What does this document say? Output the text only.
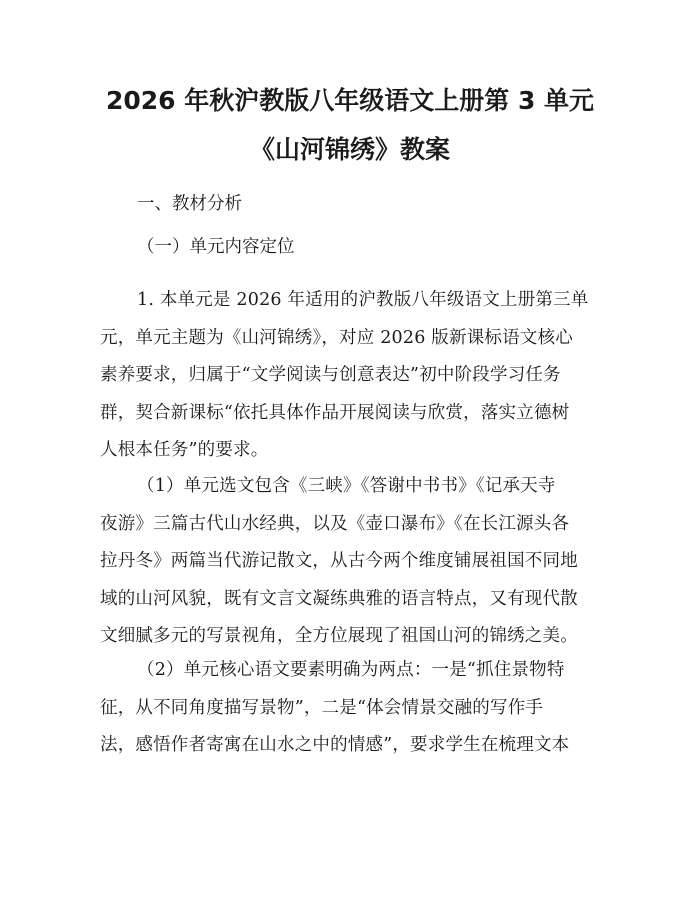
2026 年秋沪教版八年级语文上册第 3 单元
《山河锦绣》教案
一、教材分析
（一）单元内容定位
1. 本单元是 2026 年适用的沪教版八年级语文上册第三单
元，单元主题为《山河锦绣》，对应 2026 版新课标语文核心
素养要求，归属于“文学阅读与创意表达”初中阶段学习任务
群，契合新课标“依托具体作品开展阅读与欣赏，落实立德树
人根本任务”的要求。
（1）单元选文包含《三峡》《答谢中书书》《记承天寺
夜游》三篇古代山水经典，以及《壶口瀑布》《在长江源头各
拉丹冬》两篇当代游记散文，从古今两个维度铺展祖国不同地
域的山河风貌，既有文言文凝练典雅的语言特点，又有现代散
文细腻多元的写景视角，全方位展现了祖国山河的锦绣之美。
（2）单元核心语文要素明确为两点：一是“抓住景物特
征，从不同角度描写景物”，二是“体会情景交融的写作手
法，感悟作者寄寓在山水之中的情感”，要求学生在梳理文本
